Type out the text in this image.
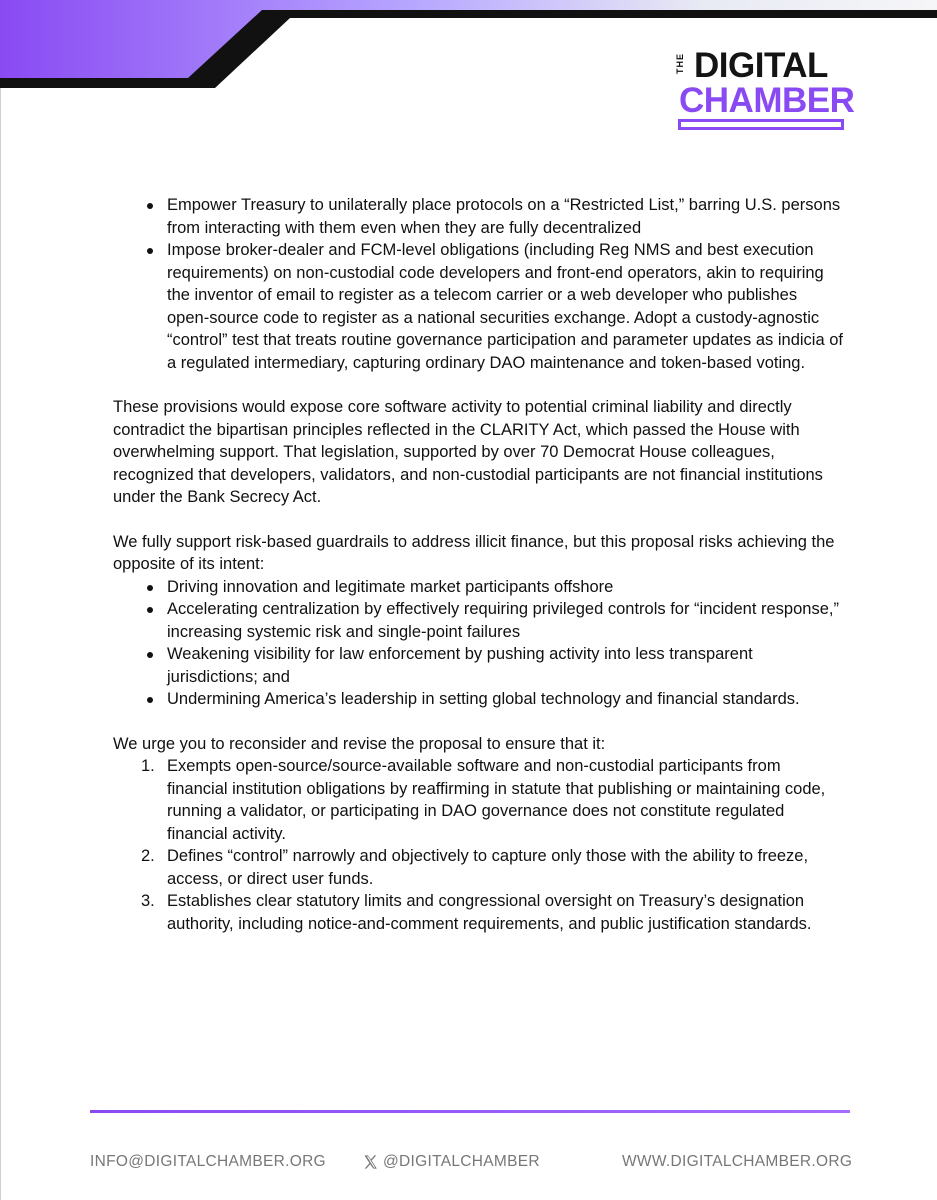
THE DIGITAL
CHAMBER
Empower Treasury to unilaterally place protocols on a “Restricted List,” barring U.S. persons from interacting with them even when they are fully decentralized
Impose broker-dealer and FCM-level obligations (including Reg NMS and best execution requirements) on non-custodial code developers and front-end operators, akin to requiring the inventor of email to register as a telecom carrier or a web developer who publishes open-source code to register as a national securities exchange. Adopt a custody-agnostic “control” test that treats routine governance participation and parameter updates as indicia of a regulated intermediary, capturing ordinary DAO maintenance and token-based voting.

These provisions would expose core software activity to potential criminal liability and directly contradict the bipartisan principles reflected in the CLARITY Act, which passed the House with overwhelming support. That legislation, supported by over 70 Democrat House colleagues, recognized that developers, validators, and non-custodial participants are not financial institutions under the Bank Secrecy Act.

We fully support risk-based guardrails to address illicit finance, but this proposal risks achieving the opposite of its intent:

Driving innovation and legitimate market participants offshore
Accelerating centralization by effectively requiring privileged controls for “incident response,” increasing systemic risk and single-point failures
Weakening visibility for law enforcement by pushing activity into less transparent jurisdictions; and
Undermining America’s leadership in setting global technology and financial standards.

We urge you to reconsider and revise the proposal to ensure that it:

1. Exempts open-source/source-available software and non-custodial participants from financial institution obligations by reaffirming in statute that publishing or maintaining code, running a validator, or participating in DAO governance does not constitute regulated financial activity.
2. Defines “control” narrowly and objectively to capture only those with the ability to freeze, access, or direct user funds.
3. Establishes clear statutory limits and congressional oversight on Treasury’s designation authority, including notice-and-comment requirements, and public justification standards.
INFO@DIGITALCHAMBER.ORG	@DIGITALCHAMBER	WWW.DIGITALCHAMBER.ORG
